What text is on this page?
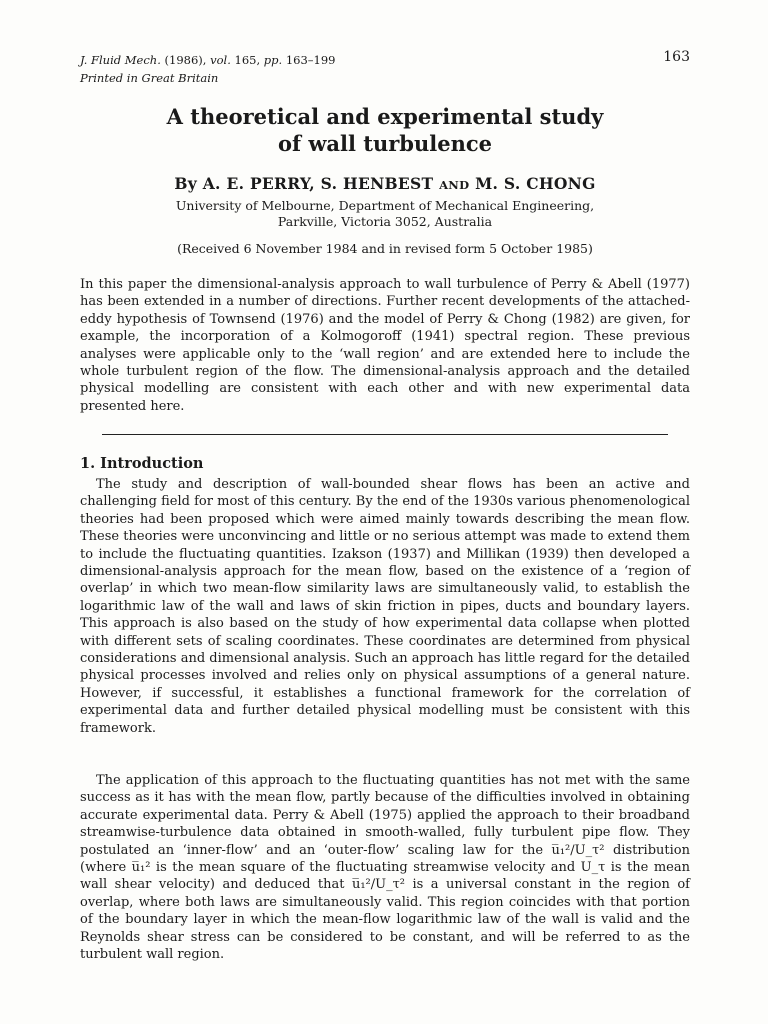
J. Fluid Mech. (1986), vol. 165, pp. 163–199
Printed in Great Britain
163
A theoretical and experimental study
of wall turbulence
By A. E. PERRY, S. HENBEST AND M. S. CHONG
University of Melbourne, Department of Mechanical Engineering,
Parkville, Victoria 3052, Australia
(Received 6 November 1984 and in revised form 5 October 1985)

In this paper the dimensional-analysis approach to wall turbulence of Perry & Abell (1977) has been extended in a number of directions. Further recent developments of the attached-eddy hypothesis of Townsend (1976) and the model of Perry & Chong (1982) are given, for example, the incorporation of a Kolmogoroff (1941) spectral region. These previous analyses were applicable only to the ‘wall region’ and are extended here to include the whole turbulent region of the flow. The dimensional-analysis approach and the detailed physical modelling are consistent with each other and with new experimental data presented here.

1. Introduction

The study and description of wall-bounded shear flows has been an active and challenging field for most of this century. By the end of the 1930s various phenomenological theories had been proposed which were aimed mainly towards describing the mean flow. These theories were unconvincing and little or no serious attempt was made to extend them to include the fluctuating quantities. Izakson (1937) and Millikan (1939) then developed a dimensional-analysis approach for the mean flow, based on the existence of a ‘region of overlap’ in which two mean-flow similarity laws are simultaneously valid, to establish the logarithmic law of the wall and laws of skin friction in pipes, ducts and boundary layers. This approach is also based on the study of how experimental data collapse when plotted with different sets of scaling coordinates. These coordinates are determined from physical considerations and dimensional analysis. Such an approach has little regard for the detailed physical processes involved and relies only on physical assumptions of a general nature. However, if successful, it establishes a functional framework for the correlation of experimental data and further detailed physical modelling must be consistent with this framework.

The application of this approach to the fluctuating quantities has not met with the same success as it has with the mean flow, partly because of the difficulties involved in obtaining accurate experimental data. Perry & Abell (1975) applied the approach to their broadband streamwise-turbulence data obtained in smooth-walled, fully turbulent pipe flow. They postulated an ‘inner-flow’ and an ‘outer-flow’ scaling law for the u̅₁²/U_τ² distribution (where u̅₁² is the mean square of the fluctuating streamwise velocity and U_τ is the mean wall shear velocity) and deduced that u̅₁²/U_τ² is a universal constant in the region of overlap, where both laws are simultaneously valid. This region coincides with that portion of the boundary layer in which the mean-flow logarithmic law of the wall is valid and the Reynolds shear stress can be considered to be constant, and will be referred to as the turbulent wall region.
